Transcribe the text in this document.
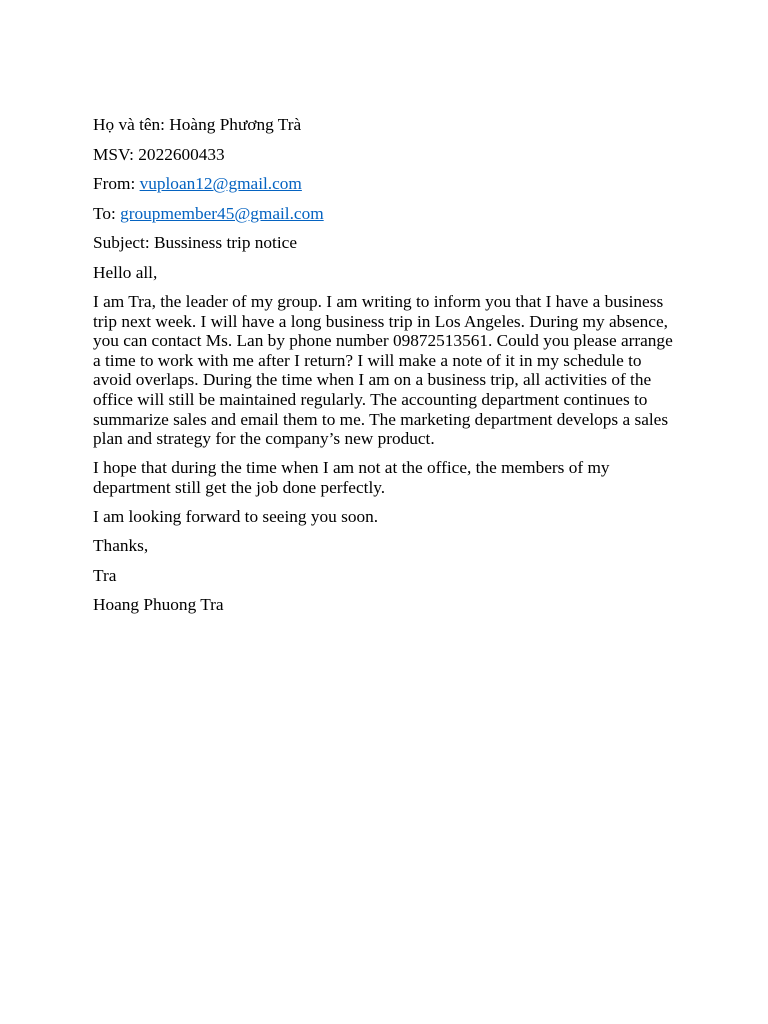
Họ và tên: Hoàng Phương Trà
MSV: 2022600433
From: vuploan12@gmail.com
To: groupmember45@gmail.com
Subject: Bussiness trip notice
Hello all,
I am Tra, the leader of my group. I am writing to inform you that I have a business trip next week. I will have a long business trip in Los Angeles. During my absence, you can contact Ms. Lan by phone number 09872513561. Could you please arrange a time to work with me after I return? I will make a note of it in my schedule to avoid overlaps. During the time when I am on a business trip, all activities of the office will still be maintained regularly. The accounting department continues to summarize sales and email them to me. The marketing department develops a sales plan and strategy for the company’s new product.
I hope that during the time when I am not at the office, the members of my department still get the job done perfectly.
I am looking forward to seeing you soon.
Thanks,
Tra
Hoang Phuong Tra
